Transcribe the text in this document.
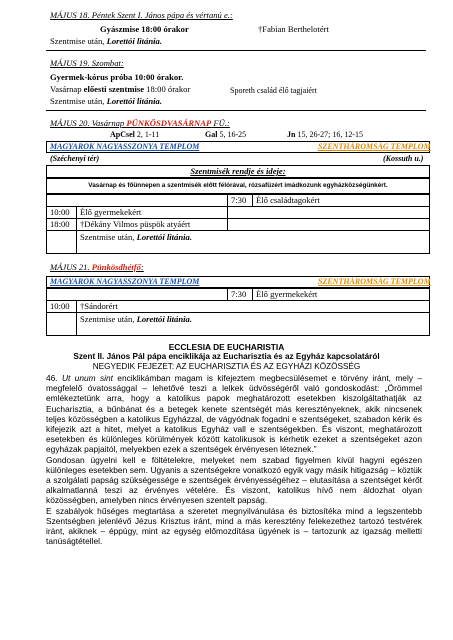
MÁJUS 18. Péntek Szent I. János pápa és vértanú e.:
Gyászmise 18:00 órakor	†Fabian Berthelotért
Szentmise után, Lorettói litánia.
MÁJUS 19. Szombat:
Gyermek-kórus próba 10:00 órakor.
Vasárnap előesti szentmise 18:00 órakor	Sporeth család élő tagjaiért
Szentmise után, Lorettói litánia.
MÁJUS 20. Vasárnap PÜNKÖSDVASÁRNAP FÜ.:
ApCsel 2, 1-11	Gal 5, 16-25	Jn 15, 26-27; 16, 12-15
MAGYAROK NAGYASSZONYA TEMPLOM	SZENTHÁROMSÁG TEMPLOM
(Széchenyi tér)	(Kossuth u.)
Szentmisék rendje és ideje:
Vasárnap és főünnepen a szentmisék előtt félórával, rózsafüzért imádkozunk egyházközségünkért.
7:30 Élő családtagokért
10:00 Élő gyermekekért
18:00 †Dékány Vilmos püspök atyáért
Szentmise után, Lorettói litánia.
MÁJUS 21. Pünkösdhétfő:
MAGYAROK NAGYASSZONYA TEMPLOM	SZENTHÁROMSÁG TEMPLOM
7:30 Élő gyermekekért
10:00 †Sándorért
Szentmise után, Lorettói litánia.
ECCLESIA DE EUCHARISTIA
Szent II. János Pál pápa enciklikája az Eucharisztia és az Egyház kapcsolatáról
NEGYEDIK FEJEZET: AZ EUCHARISZTIA ÉS AZ EGYHÁZI KÖZÖSSÉG

46. Ut unum sint enciklikámban magam is kifejeztem megbecsülésemet e törvény iránt, mely – megfelelő óvatossággal – lehetővé teszi a lelkek üdvösségéről való gondoskodást: „Örömmel emlékeztetünk arra, hogy a katolikus papok meghatározott esetekben kiszolgáltathatják az Eucharisztia, a bűnbánat és a betegek kenete szentségét más keresztényeknek, akik nincsenek teljes közösségben a katolikus Egyházzal, de vágyódnak fogadni e szentségeket, szabadon kérik és kifejezik azt a hitet, melyet a katolikus Egyház vall e szentségekben. És viszont, meghatározott esetekben és különleges körülmények között katolikusok is kérhetik ezeket a szentségeket azon egyházak papjaitól, melyekben ezek a szentségek érvényesen léteznek.”

Gondosan ügyelni kell e föltételekre, melyeket nem szabad figyelmen kívül hagyni egészen különleges esetekben sem. Ugyanis a szentségekre vonatkozó egyik vagy másik hitigazság – köztük a szolgálati papság szükségessége e szentségek érvényességéhez – elutasítása a szentséget kérőt alkalmatlanná teszi az érvényes vételére. És viszont, katolikus hívő nem áldozhat olyan közösségben, amelyben nincs érvényesen szentelt papság.

E szabályok hűséges megtartása a szeretet megnyilvánulása és biztosítéka mind a legszentebb Szentségben jelenlévő Jézus Krisztus iránt, mind a más keresztény felekezethez tartozó testvérek iránt, akiknek – éppúgy, mint az egység előmozdítása ügyének is – tartozunk az igazság melletti tanúságtétellel.
